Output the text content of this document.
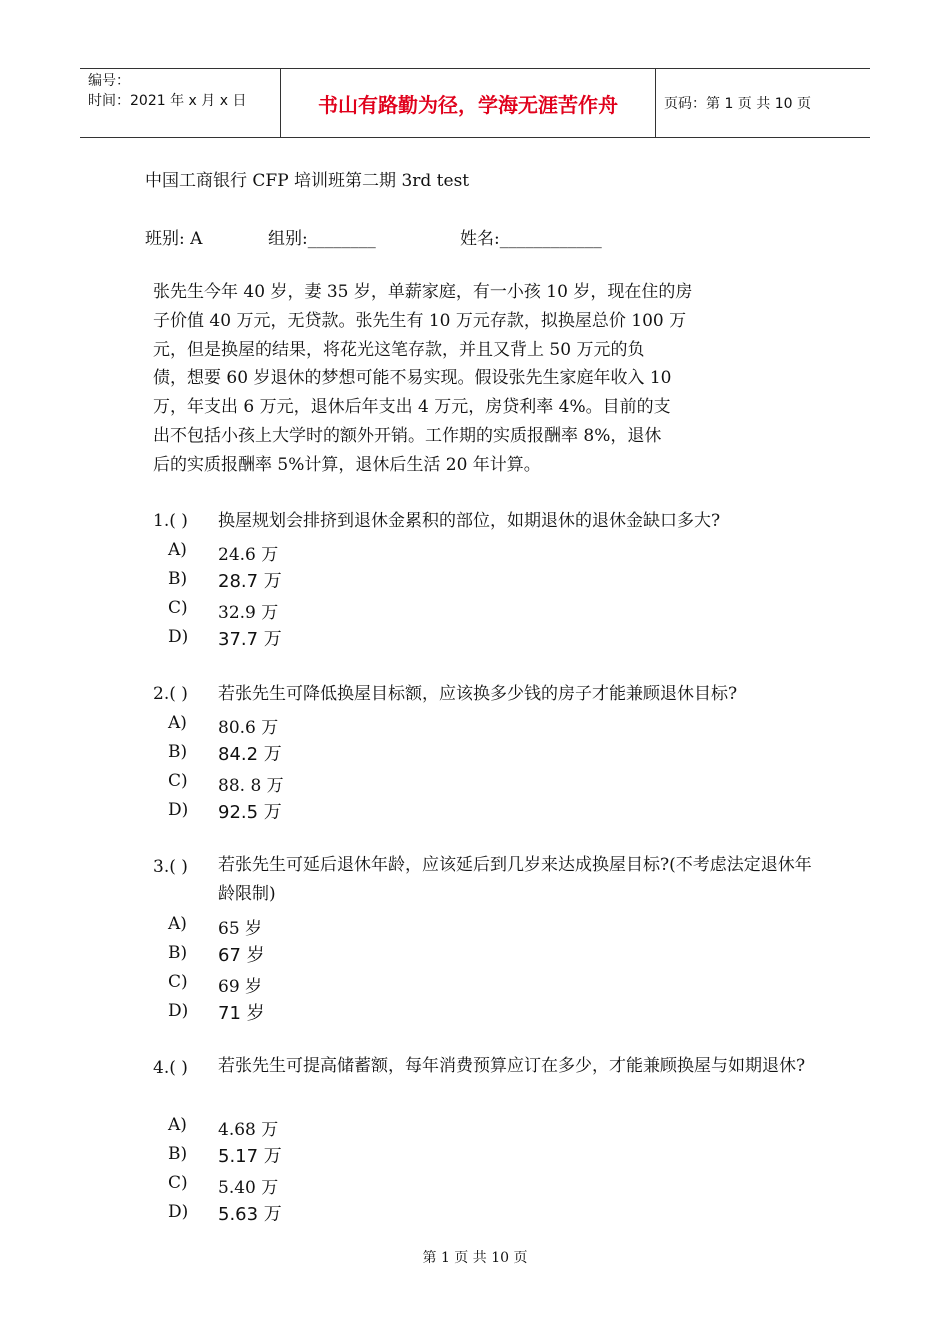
编号：
时间：2021 年 x 月 x 日	书山有路勤为径，学海无涯苦作舟	页码：第 1 页 共 10 页
中国工商银行 CFP 培训班第二期 3rd test
班别: A	组别:________	姓名:____________
张先生今年 40 岁，妻 35 岁，单薪家庭，有一小孩 10 岁，现在住的房
子价值 40 万元，无贷款。张先生有 10 万元存款，拟换屋总价 100 万
元，但是换屋的结果，将花光这笔存款，并且又背上 50 万元的负
债，想要 60 岁退休的梦想可能不易实现。假设张先生家庭年收入 10
万，年支出 6 万元，退休后年支出 4 万元，房贷利率 4%。目前的支
出不包括小孩上大学时的额外开销。工作期的实质报酬率 8%，退休
后的实质报酬率 5%计算，退休后生活 20 年计算。
1.( ) 换屋规划会排挤到退休金累积的部位，如期退休的退休金缺口多大?
A) 24.6 万
B) 28.7 万
C) 32.9 万
D) 37.7 万
2.( ) 若张先生可降低换屋目标额，应该换多少钱的房子才能兼顾退休目标?
A) 80.6 万
B) 84.2 万
C) 88. 8 万
D) 92.5 万
3.( ) 若张先生可延后退休年龄，应该延后到几岁来达成换屋目标?(不考虑法定退休年龄限制)
A) 65 岁
B) 67 岁
C) 69 岁
D) 71 岁
4.( ) 若张先生可提高储蓄额，每年消费预算应订在多少，才能兼顾换屋与如期退休?
A) 4.68 万
B) 5.17 万
C) 5.40 万
D) 5.63 万
第 1 页 共 10 页
